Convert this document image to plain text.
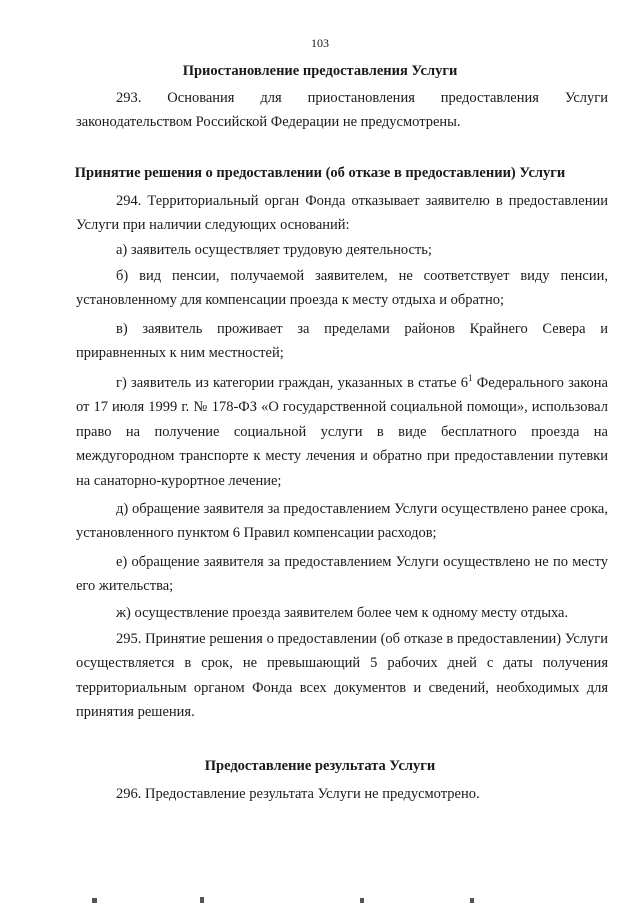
103
Приостановление предоставления Услуги
293. Основания для приостановления предоставления Услуги законодательством Российской Федерации не предусмотрены.
Принятие решения о предоставлении (об отказе в предоставлении) Услуги
294. Территориальный орган Фонда отказывает заявителю в предоставлении Услуги при наличии следующих оснований:
а) заявитель осуществляет трудовую деятельность;
б) вид пенсии, получаемой заявителем, не соответствует виду пенсии, установленному для компенсации проезда к месту отдыха и обратно;
в) заявитель проживает за пределами районов Крайнего Севера и приравненных к ним местностей;
г) заявитель из категории граждан, указанных в статье $6^1$ Федерального закона от 17 июля 1999 г. № 178-ФЗ «О государственной социальной помощи», использовал право на получение социальной услуги в виде бесплатного проезда на междугородном транспорте к месту лечения и обратно при предоставлении путевки на санаторно-курортное лечение;
д) обращение заявителя за предоставлением Услуги осуществлено ранее срока, установленного пунктом 6 Правил компенсации расходов;
е) обращение заявителя за предоставлением Услуги осуществлено не по месту его жительства;
ж) осуществление проезда заявителем более чем к одному месту отдыха.
295. Принятие решения о предоставлении (об отказе в предоставлении) Услуги осуществляется в срок, не превышающий 5 рабочих дней с даты получения территориальным органом Фонда всех документов и сведений, необходимых для принятия решения.
Предоставление результата Услуги
296. Предоставление результата Услуги не предусмотрено.
